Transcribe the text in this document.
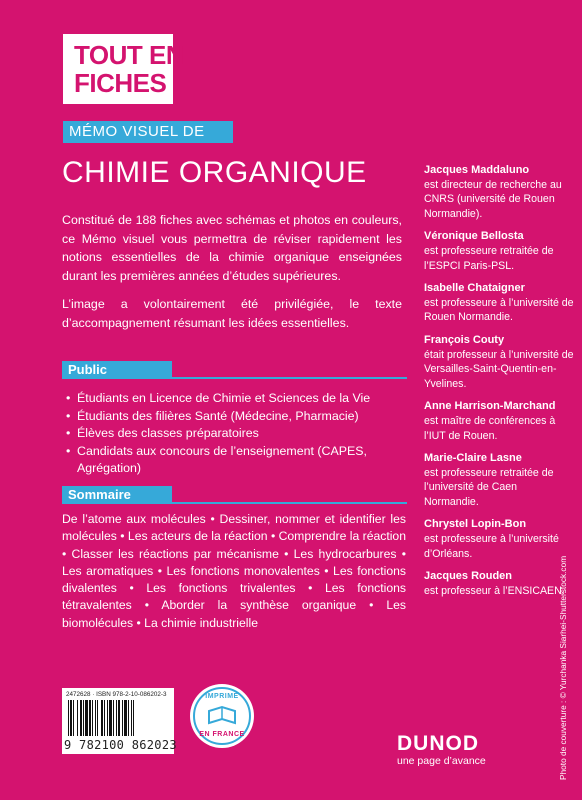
TOUT EN
FICHES
MÉMO VISUEL DE
CHIMIE ORGANIQUE

Constitué de 188 fiches avec schémas et photos en couleurs, ce Mémo visuel vous permettra de réviser rapidement les notions essentielles de la chimie organique enseignées durant les premières années d’études supérieures.

L’image a volontairement été privilégiée, le texte d’accompagnement résumant les idées essentielles.

Public
• Étudiants en Licence de Chimie et Sciences de la Vie
• Étudiants des filières Santé (Médecine, Pharmacie)
• Élèves des classes préparatoires
• Candidats aux concours de l’enseignement (CAPES, Agrégation)
Sommaire
De l’atome aux molécules • Dessiner, nommer et identifier les molécules • Les acteurs de la réaction • Comprendre la réaction • Classer les réactions par mécanisme • Les hydrocarbures • Les aromatiques • Les fonctions monovalentes • Les fonctions divalentes • Les fonctions trivalentes • Les fonctions tétravalentes • Aborder la synthèse organique • Les biomolécules • La chimie industrielle
Jacques Maddaluno
est directeur de recherche au CNRS (université de Rouen Normandie).
Véronique Bellosta
est professeure retraitée de l’ESPCI Paris-PSL.
Isabelle Chataigner
est professeure à l’université de Rouen Normandie.
François Couty
était professeur à l’université de Versailles-Saint-Quentin-en-Yvelines.
Anne Harrison-Marchand
est maître de conférences à l’IUT de Rouen.
Marie-Claire Lasne
est professeure retraitée de l’université de Caen Normandie.
Chrystel Lopin-Bon
est professeure à l’université d’Orléans.
Jacques Rouden
est professeur à l’ENSICAEN.
2472628 · ISBN 978-2-10-086202-3
9 782100 862023
IMPRIMÉ
EN FRANCE	DUNOD
une page d’avance	Photo de couverture : © Yurchanka Siarhei-Shutterstock.com
